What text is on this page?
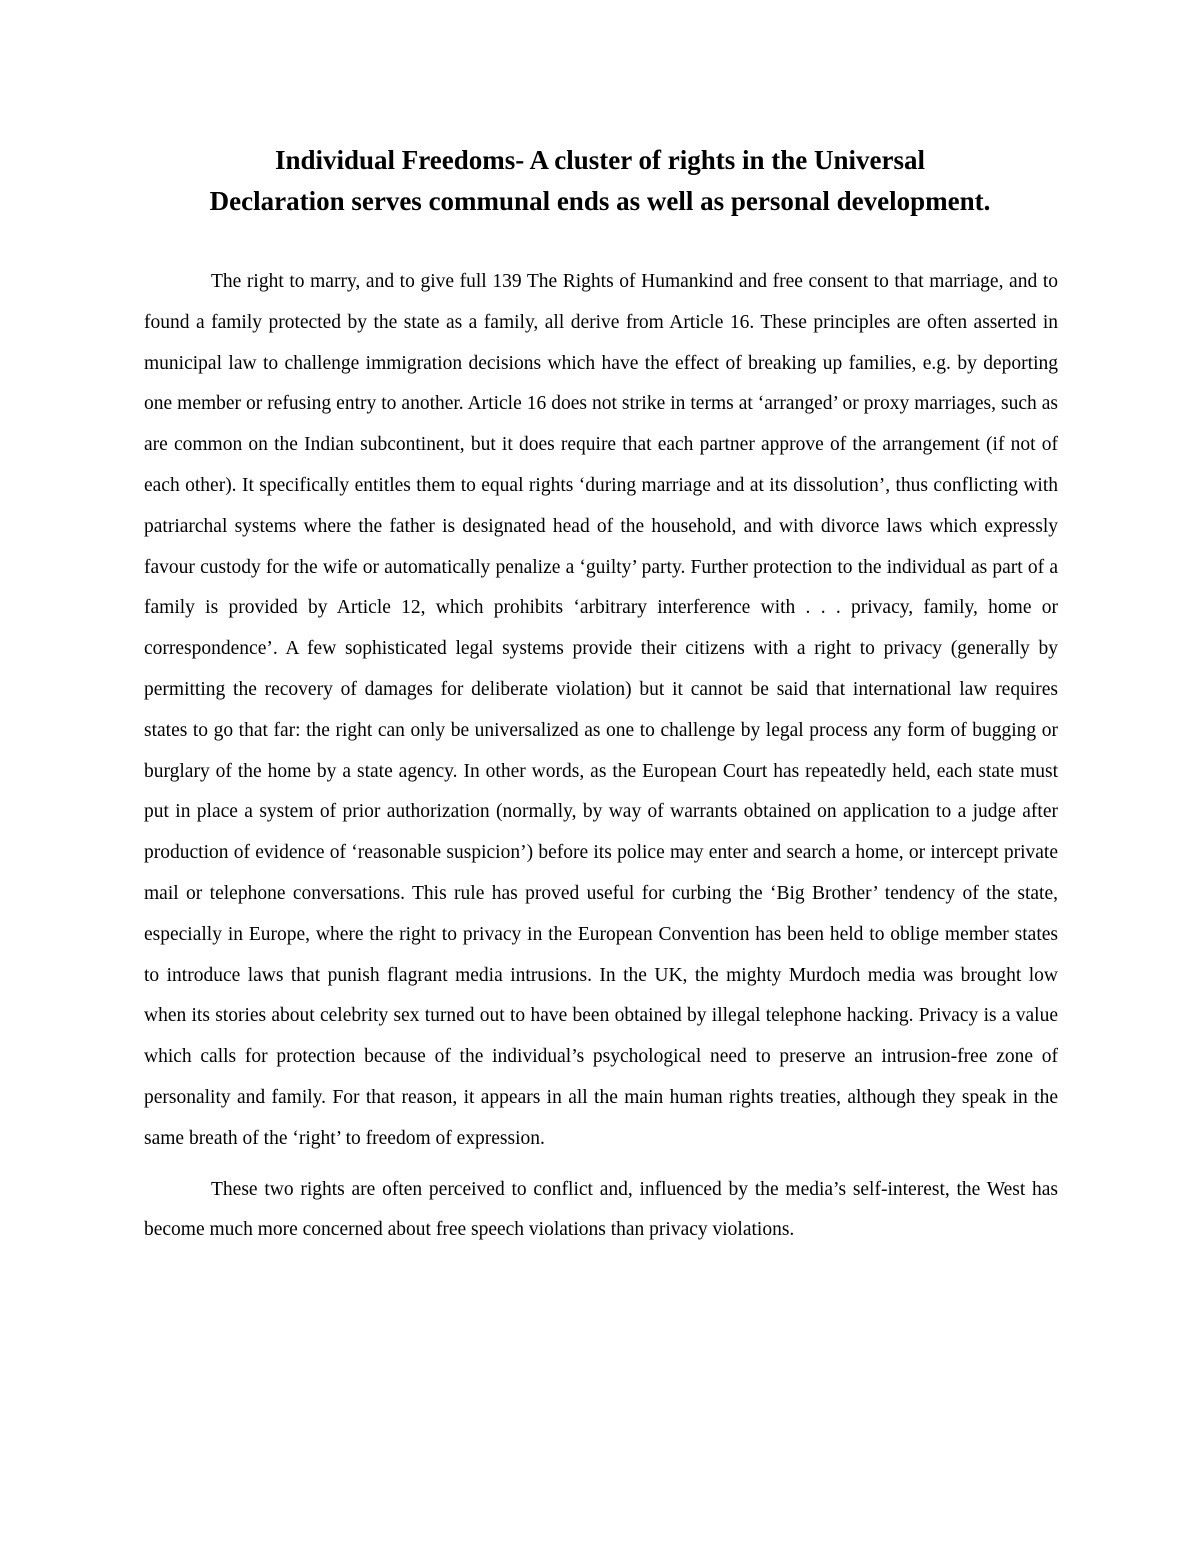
Individual Freedoms- A cluster of rights in the Universal
Declaration serves communal ends as well as personal development.

The right to marry, and to give full 139 The Rights of Humankind and free consent to that marriage, and to found a family protected by the state as a family, all derive from Article 16. These principles are often asserted in municipal law to challenge immigration decisions which have the effect of breaking up families, e.g. by deporting one member or refusing entry to another. Article 16 does not strike in terms at ‘arranged’ or proxy marriages, such as are common on the Indian subcontinent, but it does require that each partner approve of the arrangement (if not of each other). It specifically entitles them to equal rights ‘during marriage and at its dissolution’, thus conflicting with patriarchal systems where the father is designated head of the household, and with divorce laws which expressly favour custody for the wife or automatically penalize a ‘guilty’ party. Further protection to the individual as part of a family is provided by Article 12, which prohibits ‘arbitrary interference with . . . privacy, family, home or correspondence’. A few sophisticated legal systems provide their citizens with a right to privacy (generally by permitting the recovery of damages for deliberate violation) but it cannot be said that international law requires states to go that far: the right can only be universalized as one to challenge by legal process any form of bugging or burglary of the home by a state agency. In other words, as the European Court has repeatedly held, each state must put in place a system of prior authorization (normally, by way of warrants obtained on application to a judge after production of evidence of ‘reasonable suspicion’) before its police may enter and search a home, or intercept private mail or telephone conversations. This rule has proved useful for curbing the ‘Big Brother’ tendency of the state, especially in Europe, where the right to privacy in the European Convention has been held to oblige member states to introduce laws that punish flagrant media intrusions. In the UK, the mighty Murdoch media was brought low when its stories about celebrity sex turned out to have been obtained by illegal telephone hacking. Privacy is a value which calls for protection because of the individual’s psychological need to preserve an intrusion-free zone of personality and family. For that reason, it appears in all the main human rights treaties, although they speak in the same breath of the ‘right’ to freedom of expression.

These two rights are often perceived to conflict and, influenced by the media’s self-interest, the West has become much more concerned about free speech violations than privacy violations.
